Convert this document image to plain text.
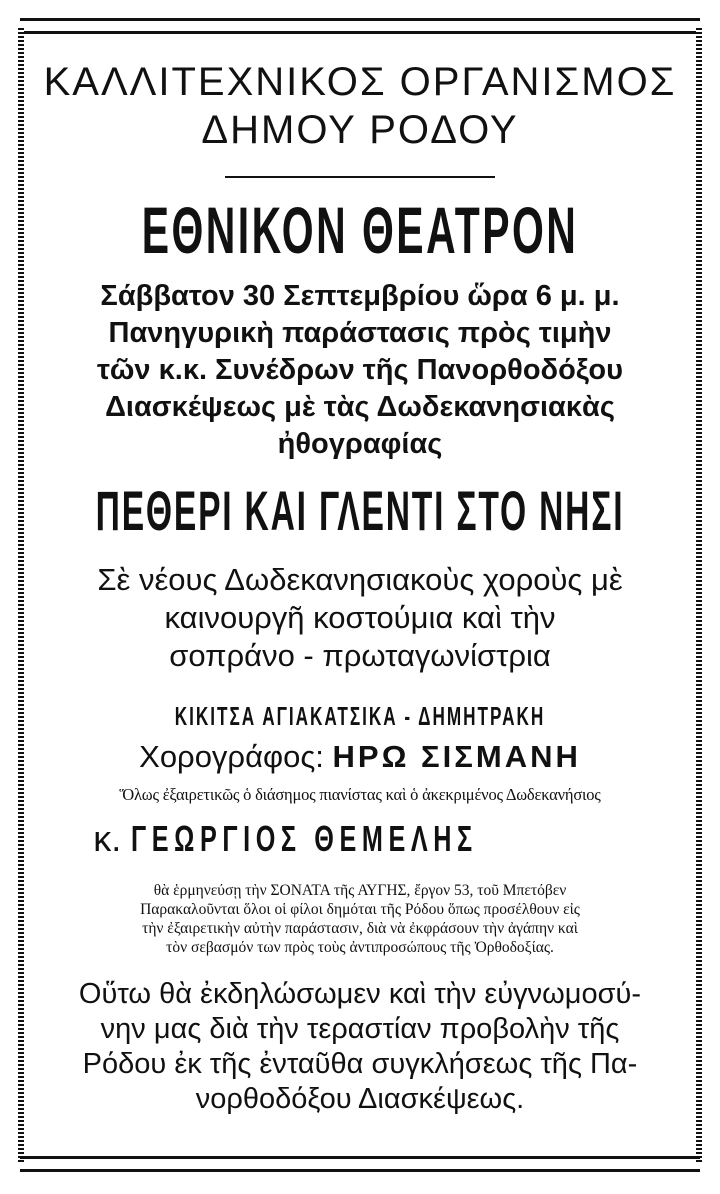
ΚΑΛΛΙΤΕΧΝΙΚΟΣ ΟΡΓΑΝΙΣΜΟΣ
ΔΗΜΟΥ ΡΟΔΟΥ
ΕΘΝΙΚΟΝ ΘΕΑΤΡΟΝ
Σάββατον 30 Σεπτεμβρίου ὥρα 6 μ. μ.
Πανηγυρικὴ παράστασις πρὸς τιμὴν
τῶν κ.κ. Συνέδρων τῆς Πανορθοδόξου
Διασκέψεως μὲ τὰς Δωδεκανησιακὰς
ἠθογραφίας
ΠΕΘΕΡΙ ΚΑΙ ΓΛΕΝΤΙ ΣΤΟ ΝΗΣΙ
Σὲ νέους Δωδεκανησιακοὺς χοροὺς μὲ
καινουργῆ κοστούμια καὶ τὴν
σοπράνο - πρωταγωνίστρια
ΚΙΚΙΤΣΑ ΑΓΙΑΚΑΤΣΙΚΑ - ΔΗΜΗΤΡΑΚΗ
Χορογράφος: ΗΡΩ ΣΙΣΜΑΝΗ
Ὅλως ἐξαιρετικῶς ὁ διάσημος πιανίστας καὶ ὁ ἀκεκριμένος Δωδεκανήσιος
κ. ΓΕΩΡΓΙΟΣ ΘΕΜΕΛΗΣ
θὰ ἑρμηνεύσῃ τὴν ΣΟΝΑΤΑ τῆς ΑΥΓΗΣ, ἔργον 53, τοῦ Μπετόβεν
Παρακαλοῦνται ὅλοι οἱ φίλοι δημόται τῆς Ρόδου ὅπως προσέλθουν εἰς
τὴν ἐξαιρετικὴν αὐτὴν παράστασιν, διὰ νὰ ἐκφράσουν τὴν ἀγάπην καὶ
τὸν σεβασμόν των πρὸς τοὺς ἀντιπροσώπους τῆς Ὀρθοδοξίας.
Οὕτω θὰ ἐκδηλώσωμεν καὶ τὴν εὐγνωμοσύ-
νην μας διὰ τὴν τεραστίαν προβολὴν τῆς
Ρόδου ἐκ τῆς ἐνταῦθα συγκλήσεως τῆς Πα-
νορθοδόξου Διασκέψεως.
